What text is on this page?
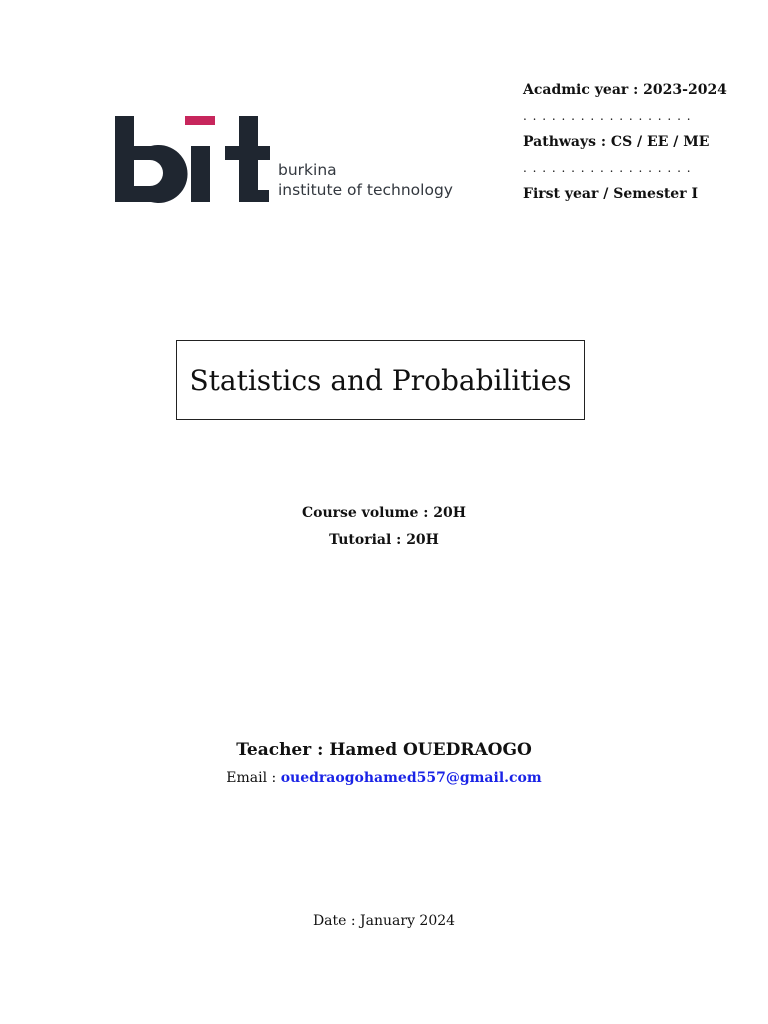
burkina
institute of technology
Acadmic year : 2023-2024
. . . . . . . . . . . . . . . . . .
Pathways : CS / EE / ME
. . . . . . . . . . . . . . . . . .
First year / Semester I
Statistics and Probabilities
Course volume : 20H
Tutorial : 20H
Teacher : Hamed OUEDRAOGO
Email : ouedraogohamed557@gmail.com
Date : January 2024
